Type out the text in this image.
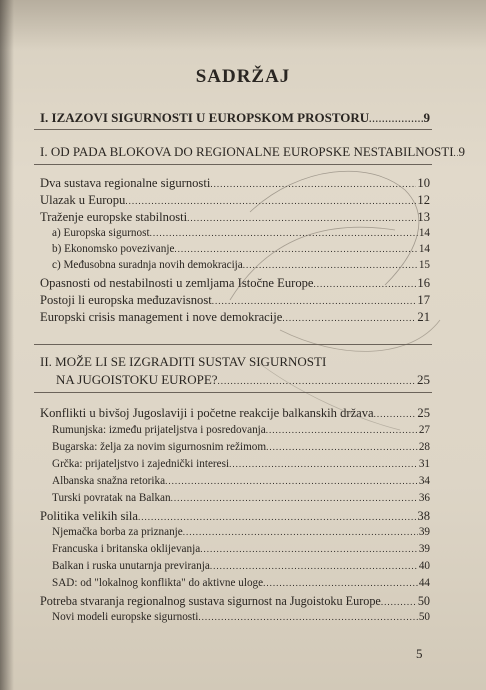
SADRŽAJ
I. IZAZOVI SIGURNOSTI U EUROPSKOM PROSTORU .....	9
I. OD PADA BLOKOVA DO REGIONALNE EUROPSKE NESTABILNOSTI ..... 9
Dva sustava regionalne sigurnosti .....	10
Ulazak u Europu .....	12
Traženje europske stabilnosti .....	13
a) Europska sigurnost .....	14
b) Ekonomsko povezivanje .....	14
c) Međusobna suradnja novih demokracija .....	15
Opasnosti od nestabilnosti u zemljama Istočne Europe .....	16
Postoji li europska međuzavisnost .....	17
Europski crisis management i nove demokracije .....	21
II. MOŽE LI SE IZGRADITI SUSTAV SIGURNOSTI
NA JUGOISTOKU EUROPE? .....	25
Konflikti u bivšoj Jugoslaviji i početne reakcije balkanskih država .....	25
Rumunjska: između prijateljstva i posredovanja .....	27
Bugarska: želja za novim sigurnosnim režimom .....	28
Grčka: prijateljstvo i zajednički interesi .....	31
Albanska snažna retorika .....	34
Turski povratak na Balkan .....	36
Politika velikih sila .....	38
Njemačka borba za priznanje .....	39
Francuska i britanska oklijevanja .....	39
Balkan i ruska unutarnja previranja .....	40
SAD: od "lokalnog konflikta" do aktivne uloge .....	44
Potreba stvaranja regionalnog sustava sigurnost na Jugoistoku Europe .....	50
Novi modeli europske sigurnosti .....	50
5
